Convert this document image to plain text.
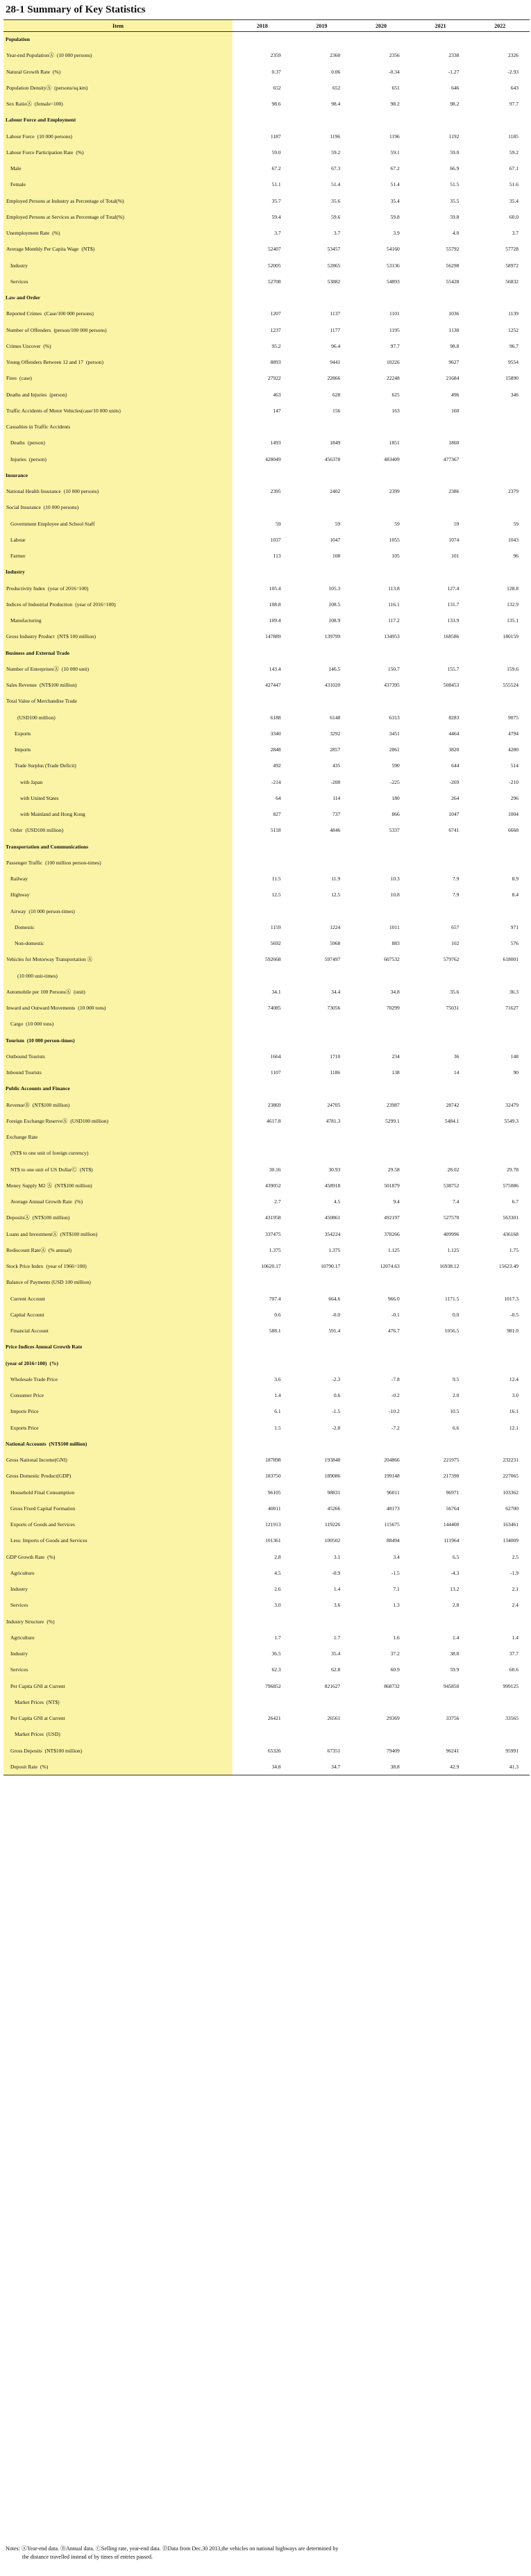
28-1 Summary of Key Statistics
Item	2018	2019	2020	2021	2022
Population					
Year-end PopulationⒶ (10 000 persons)	2359	2360	2356	2338	2326
Natural Growth Rate (%)	0.37	0.06	-0.34	-1.27	-2.93
Population DensityⒶ (persons/sq.km)	652	652	651	646	643
Sex RatioⒶ (female=100)	98.6	98.4	98.2	98.2	97.7
Labour Force and Employment					
Labour Force (10 000 persons)	1187	1196	1196	1192	1185
Labour Force Participation Rate (%)	59.0	59.2	59.1	59.0	59.2
Male	67.2	67.3	67.2	66.9	67.1
Female	51.1	51.4	51.4	51.5	51.6
Employed Persons at Industry as Percentage of Total(%)	35.7	35.6	35.4	35.5	35.4
Employed Persons at Services as Percentage of Total(%)	59.4	59.6	59.8	59.8	60.0
Unemployment Rate (%)	3.7	3.7	3.9	4.0	3.7
Average Monthly Per Capita Wage (NT$)	52407	53457	54160	55792	57728
Industry	52005	52865	53136	56298	58972
Services	52708	53882	54893	55428	56832
Law and Order					
Reported Crimes (Case/100 000 persons)	1207	1137	1101	1036	1139
Number of Offenders (person/100 000 persons)	1237	1177	1195	1130	1252
Crimes Uncover (%)	95.2	96.4	97.7	98.8	96.7
Young Offenders Between 12 and 17 (person)	8893	9441	10226	9627	9554
Fires (case)	27922	22866	22248	21684	15890
Deaths and Injuries (person)	463	628	625	496	346
Traffic Accidents of Motor Vehicles(case/10 000 units)	147	156	163	160	
Casualties in Traffic Accidents					
Deaths (person)	1493	1849	1851	1860	
Injuries (person)	428049	456378	483409	477367	
Insurance					
National Health Insurance (10 000 persons)	2395	2402	2399	2386	2379
Social Insurance (10 000 persons)					
Government Employee and School Staff	59	59	59	59	59
Labour	1037	1047	1055	1074	1043
Farmer	113	108	105	101	96
Industry					
Productivity Index (year of 2016=100)	105.4	105.3	113.8	127.4	128.8
Indices of Industrial Production (year of 2016=100)	108.8	108.5	116.1	131.7	132.9
Manufacturing	109.4	108.9	117.2	133.9	135.1
Gross Industry Product (NT$ 100 million)	147889	139799	134953	168586	180159
Business and External Trade					
Number of EnterprisesⒶ (10 000 unit)	143.4	146.5	150.7	155.7	159.6
Sales Revenue (NT$100 million)	427447	431020	437395	508453	555524
Total Value of Merchandise Trade					
(USD100 million)	6188	6148	6313	8283	9075
Exports	3340	3292	3451	4464	4794
Imports	2848	2857	2861	3820	4280
Trade Surplus (Trade Deficit)	492	435	590	644	514
with Japan	-214	-208	-225	-269	-210
with United States	64	114	180	264	296
with Mainland and Hong Kong	827	737	866	1047	1004
Order (USD100 million)	5118	4846	5337	6741	6668
Transportation and Communications					
Passenger Traffic (100 million person-times)					
Railway	11.5	11.9	10.3	7.9	8.9
Highway	12.5	12.5	10.8	7.9	8.4
Airway (10 000 person-times)					
Domestic	1159	1224	1011	657	971
Non-domestic	5692	5968	883	102	576
Vehicles for Motorway Transportation Ⓐ	592668	597497	607532	579762	618001
(10 000 unit-times)					
Automobile per 100 PersonsⒶ (unit)	34.1	34.4	34.8	35.6	36.3
Inward and Outward Movements (10 000 tons)	74085	73056	70299	75031	71627
Cargo (10 000 tons)					
Tourism (10 000 person-times)					
Outbound Tourists	1664	1710	234	36	148
Inbound Tourists	1107	1186	138	14	90
Public Accounts and Finance					
RevenueⒷ (NT$100 million)	23869	24705	23987	28742	32479
Foreign Exchange ReserveⒶ (USD100 million)	4617.8	4781.3	5299.1	5484.1	5549.3
Exchange Rate					
(NT$ to one unit of foreign currency)					
NT$ to one unit of US DollarⒸ (NT$)	30.16	30.93	29.58	28.02	29.78
Money Supply M2 Ⓐ (NT$100 million)	439052	458918	501879	538752	575086
Average Annual Growth Rate (%)	2.7	4.5	9.4	7.4	6.7
DepositsⒶ (NT$100 million)	431958	450861	492197	527570	563301
Loans and InvestmentⒶ (NT$100 million)	337475	354224	378266	409996	436168
Rediscount RateⒶ (% annual)	1.375	1.375	1.125	1.125	1.75
Stock Price Index (year of 1966=100)	10620.17	10790.17	12074.63	16938.12	15623.49
Balance of Payments (USD 100 million)					
Current Account	707.4	664.6	966.0	1171.5	1017.3
Capital Account	0.6	-0.0	-0.1	0.0	-0.5
Financial Account	588.1	591.4	476.7	1056.5	981.0
Price Indices Annual Growth Rate					
(year of 2016=100) (%)					
Wholesale Trade Price	3.6	-2.3	-7.8	9.5	12.4
Consumer Price	1.4	0.6	-0.2	2.0	3.0
Imports Price	6.1	-1.5	-10.2	10.5	16.1
Exports Price	1.5	-2.8	-7.2	6.6	12.1
National Accounts (NT$100 million)					
Gross National Income(GNI)	187898	193848	204866	221975	232231
Gross Domestic Product(GDP)	183750	189086	199148	217390	227065
Household Final Consumption	96105	98831	96011	96971	103362
Gross Fixed Capital Formation	40011	45266	48173	56764	62700
Exports of Goods and Services	121913	119226	115675	144400	163461
Less: Imports of Goods and Services	101361	100502	88494	111964	134009
GDP Growth Rate (%)	2.8	3.1	3.4	6.5	2.5
Agriculture	4.5	-0.9	-1.5	-4.3	-1.9
Industry	2.6	1.4	7.1	13.2	2.1
Services	3.0	3.6	1.3	2.8	2.4
Industry Structure (%)					
Agriculture	1.7	1.7	1.6	1.4	1.4
Industry	36.5	35.4	37.2	38.8	37.7
Services	62.3	62.8	60.9	59.9	60.6
Per Capita GNI at Current	796852	821627	868732	945850	999125
Market Prices (NT$)					
Per Capita GNI at Current	26421	26561	29369	33756	33565
Market Prices (USD)					
Gross Deposits (NT$100 million)	65326	67351	79409	96241	95991
Deposit Rate (%)	34.8	34.7	38.8	42.9	41.3
Notes: ⒶYear-end data. ⒷAnnual data. ⒸSelling rate, year-end data. ⒹData from Dec.30 2013,the vehicles on national highways are determined by
the distance travelled instead of by times of entries passed.
